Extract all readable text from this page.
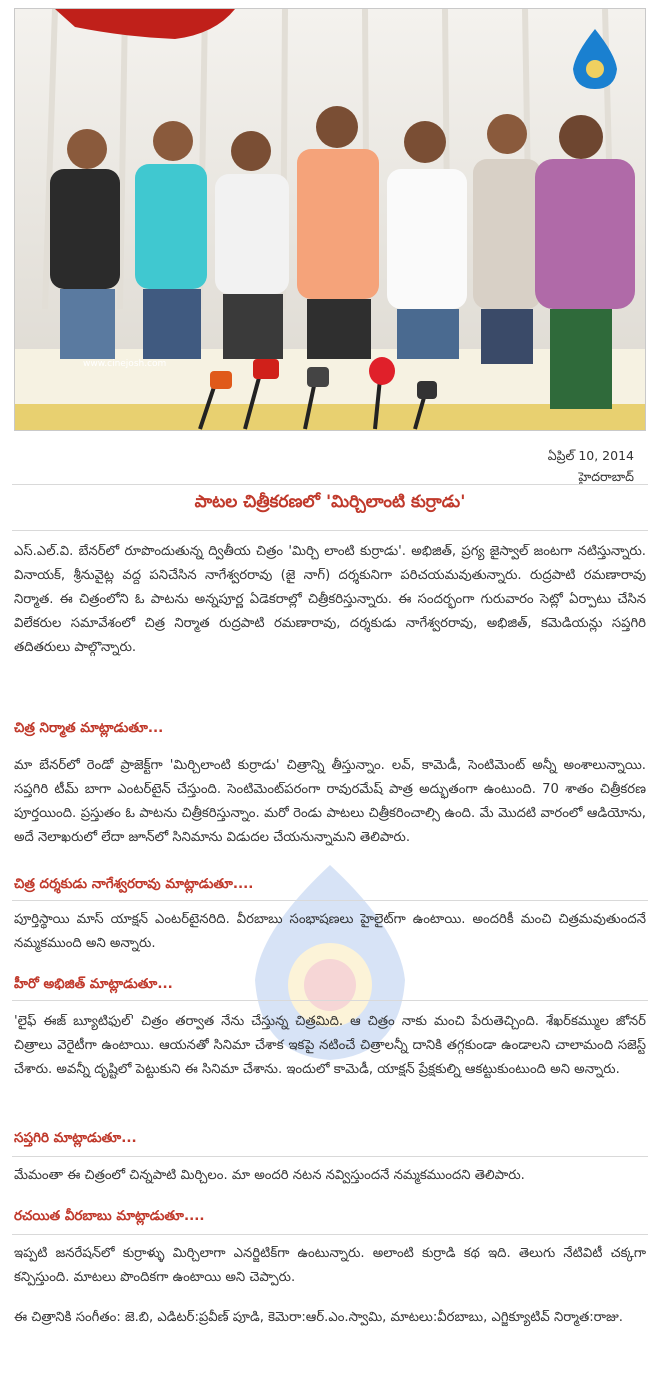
www.cinejosh.com
ఏప్రిల్ 10, 2014
హైదరాబాద్
పాటల చిత్రీకరణలో 'మిర్చిలాంటి కుర్రాడు'
ఎస్.ఎల్.వి. బేనర్‌లో రూపొందుతున్న ద్వితీయ చిత్రం 'మిర్చి లాంటి కుర్రాడు'. అభిజిత్, ప్రగ్య జైస్వాల్ జంటగా నటిస్తున్నారు. వినాయక్, శ్రీనువైట్ల వద్ద పనిచేసిన నాగేశ్వరరావు (జై నాగ్) దర్శకునిగా పరిచయమవుతున్నారు. రుద్రపాటి రమణారావు నిర్మాత. ఈ చిత్రంలోని ఓ పాటను అన్నపూర్ణ ఏడెకరాల్లో చిత్రీకరిస్తున్నారు. ఈ సందర్భంగా గురువారం సెట్లో ఏర్పాటు చేసిన విలేకరుల సమావేశంలో చిత్ర నిర్మాత రుద్రపాటి రమణారావు, దర్శకుడు నాగేశ్వరరావు, అభిజిత్, కమెడియన్లు సప్తగిరి తదితరులు పాల్గొన్నారు.
చిత్ర నిర్మాత మాట్లాడుతూ...
మా బేనర్‌లో రెండో ప్రాజెక్ట్‌గా 'మిర్చిలాంటి కుర్రాడు' చిత్రాన్ని తీస్తున్నాం. లవ్, కామెడీ, సెంటిమెంట్ అన్నీ అంశాలున్నాయి. సప్తగిరి టీమ్ బాగా ఎంటర్‌టైన్ చేస్తుంది. సెంటిమెంట్‌పరంగా రావురమేష్ పాత్ర అద్భుతంగా ఉంటుంది. 70 శాతం చిత్రీకరణ పూర్తయింది. ప్రస్తుతం ఓ పాటను చిత్రీకరిస్తున్నాం. మరో రెండు పాటలు చిత్రీకరించాల్సి ఉంది. మే మొదటి వారంలో ఆడియోను, అదే నెలాఖరులో లేదా జూన్‌లో సినిమాను విడుదల చేయనున్నామని తెలిపారు.
చిత్ర దర్శకుడు నాగేశ్వరరావు మాట్లాడుతూ....
పూర్తిస్థాయి మాస్ యాక్షన్ ఎంటర్‌టైనరిది. వీరబాబు సంభాషణలు హైలైట్‌గా ఉంటాయి. అందరికీ మంచి చిత్రమవుతుందనే నమ్మకముంది అని అన్నారు.
హీరో అభిజిత్ మాట్లాడుతూ...
'లైఫ్ ఈజ్ బ్యూటిఫుల్' చిత్రం తర్వాత నేను చేస్తున్న చిత్రమిది. ఆ చిత్రం నాకు మంచి పేరుతెచ్చింది. శేఖర్‌కమ్ముల జోనర్ చిత్రాలు వెరైటీగా ఉంటాయి. ఆయనతో సినిమా చేశాక ఇకపై నటించే చిత్రాలన్నీ దానికి తగ్గకుండా ఉండాలని చాలామంది సజెస్ట్ చేశారు. అవన్నీ దృష్టిలో పెట్టుకుని ఈ సినిమా చేశాను. ఇందులో కామెడీ, యాక్షన్ ప్రేక్షకుల్ని ఆకట్టుకుంటుంది అని అన్నారు.
సప్తగిరి మాట్లాడుతూ...
మేమంతా ఈ చిత్రంలో చిన్నపాటి మిర్చిలం. మా అందరి నటన నవ్విస్తుందనే నమ్మకముందని తెలిపారు.
రచయిత వీరబాబు మాట్లాడుతూ....
ఇప్పటి జనరేషన్‌లో కుర్రాళ్ళు మిర్చిలాగా ఎనర్జిటిక్‌గా ఉంటున్నారు. అలాంటి కుర్రాడి కథ ఇది. తెలుగు నేటివిటీ చక్కగా కన్పిస్తుంది. మాటలు పొందికగా ఉంటాయి అని చెప్పారు.
ఈ చిత్రానికి సంగీతం: జె.బి, ఎడిటర్:ప్రవీణ్ పూడి, కెమెరా:ఆర్.ఎం.స్వామి, మాటలు:వీరబాబు, ఎగ్జిక్యూటివ్ నిర్మాత:రాజు.
